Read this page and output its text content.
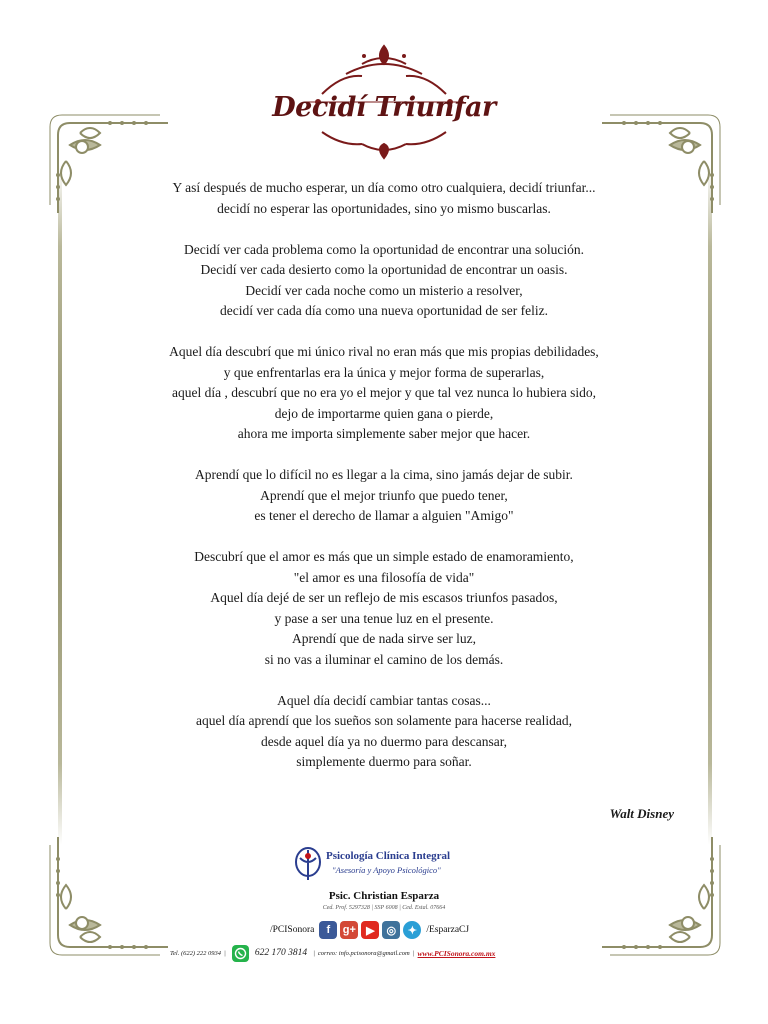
Decidí Triunfar
Y así después de mucho esperar, un día como otro cualquiera, decidí triunfar...
decidí no esperar las oportunidades, sino yo mismo buscarlas.
Decidí ver cada problema como la oportunidad de encontrar una solución.
Decidí ver cada desierto como la oportunidad de encontrar un oasis.
Decidí ver cada noche como un misterio a resolver,
decidí ver cada día como una nueva oportunidad de ser feliz.
Aquel día descubrí que mi único rival no eran más que mis propias debilidades,
y que enfrentarlas era la única y mejor forma de superarlas,
aquel día , descubrí que no era yo el mejor y que tal vez nunca lo hubiera sido,
dejo de importarme quien gana o pierde,
ahora me importa simplemente saber mejor que hacer.
Aprendí que lo difícil no es llegar a la cima, sino jamás dejar de subir.
Aprendí que el mejor triunfo que puedo tener,
es tener el derecho de llamar a alguien "Amigo"
Descubrí que el amor es más que un simple estado de enamoramiento,
"el amor es una filosofía de vida"
Aquel día dejé de ser un reflejo de mis escasos triunfos pasados,
y pase a ser una tenue luz en el presente.
Aprendí que de nada sirve ser luz,
si no vas a iluminar el camino de los demás.
Aquel día decidí cambiar tantas cosas...
aquel día aprendí que los sueños son solamente para hacerse realidad,
desde aquel día ya no duermo para descansar,
simplemente duermo para soñar.
Walt Disney
Psicología Clínica Integral
"Asesoría y Apoyo Psicológico"
Psic. Christian Esparza
Ced. Prof. 5297328 | SSP 6008 | Ced. Estal. 07664
/PCISonora	f	g+ ▶	◎	✦ /EsparzaCJ
Tel. (622) 222 0934 |	622 170 3814 | correo: info.pcisonora@gmail.com | www.PCISonora.com.mx
